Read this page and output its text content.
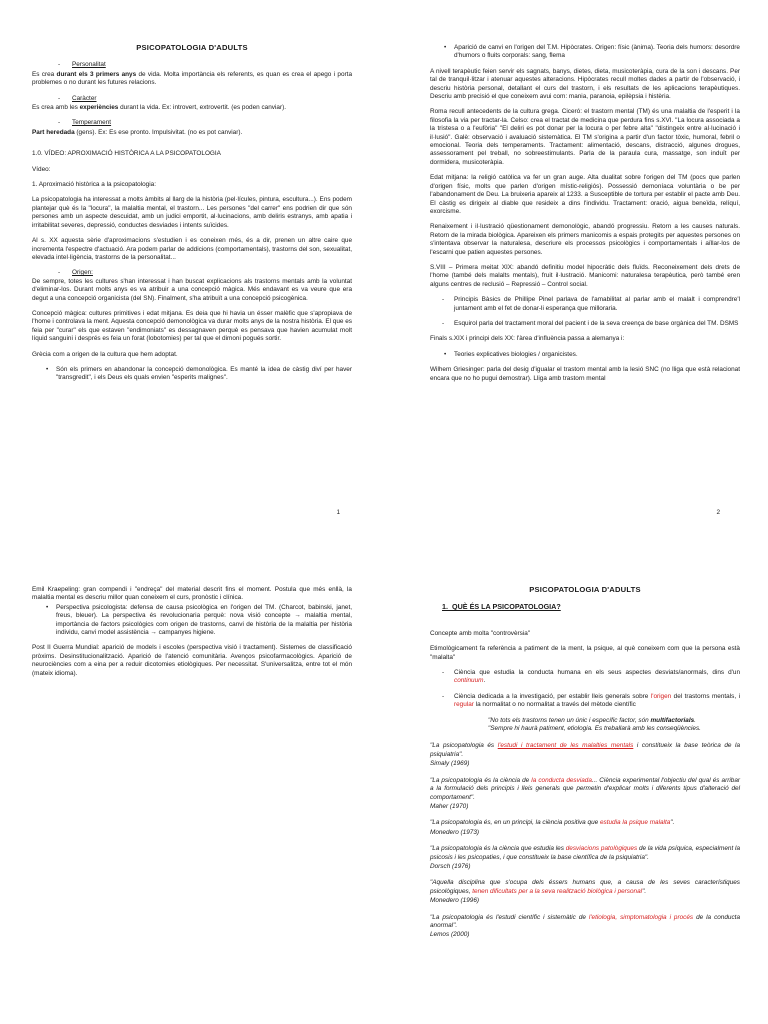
PSICOPATOLOGIA D'ADULTS
- Personalitat

Es crea durant els 3 primers anys de vida. Molta importància els referents, es quan es crea el apego i porta problemes o no durant les futures relacions.

- Caràcter

Es crea amb les experiències durant la vida. Ex: introvert, extrovertit. (es poden canviar).

- Temperament

Part heredada (gens). Ex: Es ese pronto. Impulsivitat. (no es pot canviar).

1.0. VÍDEO: APROXIMACIÓ HISTÒRICA A LA PSICOPATOLOGIA

Vídeo:

1. Aproximació històrica a la psicopatologia:

La psicopatologia ha interessat a molts àmbits al llarg de la història (pel·lícules, pintura, escultura...). Ens podem plantejar què és la "locura", la malaltia mental, el trastorn... Les persones "del carrer" ens podrien dir que són persones amb un aspecte descuidat, amb un judici emportit, al·lucinacions, amb deliris estranys, amb apatia i irritabilitat severes, depressió, conductes desviades i intents suïcides.

Al s. XX aquesta sèrie d'aproximacions s'estudien i es coneixen més, és a dir, prenen un altre caire que incrementa l'espectre d'actuació. Ara podem parlar de addicions (comportamentals), trastorns del son, sexualitat, elevada intel·ligència, trastorns de la personalitat...

- Origen:

De sempre, totes les cultures s'han interessat i han buscat explicacions als trastorns mentals amb la voluntat d'eliminar-los. Durant molts anys es va atribuir a una concepció màgica. Més endavant es va veure que era degut a una concepció organicista (del SN). Finalment, s'ha atribuït a una concepció psicogènica.

Concepció màgica: cultures primitives i edat mitjana. Es deia que hi havia un ésser malèfic que s'apropiava de l'home i controlava la ment. Aquesta concepció demonològica va durar molts anys de la nostra història. El que es feia per "curar" els que estaven "endimoniats" es dessagnaven perquè es pensava que havien acumulat molt líquid sanguini i després es feia un forat (lobotomies) per tal que el dimoni pogués sortir.

Grècia com a origen de la cultura que hem adoptat.

• Són els primers en abandonar la concepció demonològica. Es manté la idea de càstig diví per haver "transgredit", i els Deus els quals envien "esperits malignes".
1
• Aparició de canvi en l'origen del T.M. Hipòcrates. Origen: físic (ànima). Teoria dels humors: desordre d'humors o fluits corporals: sang, flema

A nivell terapèutic feien servir els sagnats, banys, dietes, dieta, musicoteràpia, cura de la son i descans. Per tal de tranquil·litzar i atenuar aquestes alteracions. Hipòcrates recull moltes dades a partir de l'observació, i descriu història personal, detallant el curs del trastorn, i els resultats de les aplicacions terapèutiques. Descriu amb precisió el que coneixem avui com: mania, paranoia, epilèpsia i histèria.

Roma recull antecedents de la cultura grega. Ciceró: el trastorn mental (TM) és una malaltia de l'esperit i la filosofia la via per tractar-la. Celso: crea el tractat de medicina que perdura fins s.XVI. "La locura associada a la tristesa o a l'eufòria" "El deliri es pot donar per la locura o per febre alta" "distingeix entre al·lucinació i il·lusió". Galè: observació i avaluació sistemàtica. El TM s'origina a partir d'un factor tòxic, humoral, febril o emocional. Teoria dels temperaments. Tractament: alimentació, descans, distracció, algunes drogues, assessorament pel treball, no sobreestimulants. Parla de la paraula cura, massatge, son induït per dormidera, musicoteràpia.

Edat mitjana: la religió catòlica va fer un gran auge. Alta dualitat sobre l'origen del TM (pocs que parlen d'origen físic, molts que parlen d'origen místic-religiós). Possessió demoníaca voluntària o be per l'abandonament de Deu. La bruixeria apareix al 1233. a Susceptible de tortura per establir el pacte amb Deu. El càstig es dirigeix al diable que resideix a dins l'individu. Tractament: oració, aigua beneïda, relíquí, exorcisme.

Renaixement i il·lustració qüestionament demonològic, abandó progressiu. Retorn a les causes naturals. Retorn de la mirada biològica. Apareixen els primers manicomis a espais protegits per aquestes persones on s'intentava observar la naturalesa, descriure els processos psicològics i comportamentals i aïllar-los de l'escarni que patien aquestes persones.

S.VIII – Primera meitat XIX: abandó definitiu model hipocràtic dels fluïds. Reconeixement dels drets de l'home (també dels malalts mentals), fruit il·lustració. Manicomi: naturalesa terapèutica, però també eren alguns centres de reclusió – Repressió – Control social.

- Principis Bàsics de Phillipe Pinel parlava de l'amabilitat al parlar amb el malalt i comprendre'l juntament amb el fet de donar-li esperança que milloraria.
- Esquirol parla del tractament moral del pacient i de la seva creença de base orgànica del TM. DSMS

Finals s.XIX i principi dels XX: l'àrea d'influència passa a alemanya i:

• Teories explicatives biologies / organicistes.

Wilhem Griesinger: parla del desig d'igualar el trastorn mental amb la lesió SNC (no lliga que està relacionat encara que no ho pugui demostrar). Lliga amb trastorn mental

2

Emil Kraepeling: gran compendi i "endreça" del material descrit fins el moment. Postula que més enllà, la malaltia mental es descriu millor quan coneixem el curs, pronòstic i clínica.

• Perspectiva psicologista: defensa de causa psicològica en l'origen del TM. (Charcot, babinski, janet, freus, bleuer). La perspectiva és revolucionaria perquè: nova visió concepte → malaltia mental, importància de factors psicològics com origen de trastorns, canvi de història de la malaltia per història individu, canvi model assistència → campanyes higiene.

Post II Guerra Mundial: aparició de models i escoles (perspectiva visió i tractament). Sistemes de classificació pròxims. Desinstitucionalització. Aparició de l'atenció comunitària. Avenços psicofarmacològics. Aparició de neurociències com a eina per a reduir dicotomies etiològiques. Per necessitat. S'universalitza, entre tot el món (mateix idioma).

PSICOPATOLOGIA D'ADULTS
1. QUÈ ÉS LA PSICOPATOLOGIA?

Concepte amb molta "controvèrsia"

Etimològicament fa referència a patiment de la ment, la psique, al què coneixem com que la persona està "malalta"

- Ciència que estudia la conducta humana en els seus aspectes desviats/anormals, dins d'un continuum.
- Ciència dedicada a la investigació, per establir lleis generals sobre l'origen del trastorns mentals, i regular la normalitat o no normalitat a través del mètode científic
"No tots els trastorns tenen un únic i específic factor, són multifactorials.
"Sempre hi haurà patiment, etiologia. Es treballarà amb les conseqüències.

"La psicopatologia és l'estudi i tractament de les malalties mentals i constitueix la base teòrica de la psiquiatria".

Simaly (1969)

"La psicopatologia és la ciència de la conducta desviada... Ciència experimental l'objectiu del qual és arribar a la formulació dels principis i lleis generals que permetin d'explicar molts i diferents tipus d'alteració del comportament".

Maher (1970)

"La psicopatologia és, en un principi, la ciència positiva que estudia la psique malalta".

Monedero (1973)

"La psicopatologia és la ciència que estudia les desviacions patològiques de la vida psíquica, especialment la psicosis i les psicopaties, i que constitueix la base científica de la psiquiatria".

Dorsch (1976)

"Aquella disciplina que s'ocupa dels éssers humans que, a causa de les seves característiques psicològiques, tenen dificultats per a la seva realització biològica i personal".

Monedero (1996)

"La psicopatologia és l'estudi científic i sistemàtic de l'etiologia, simptomatologia i procés de la conducta anormal".

Lemos (2000)
